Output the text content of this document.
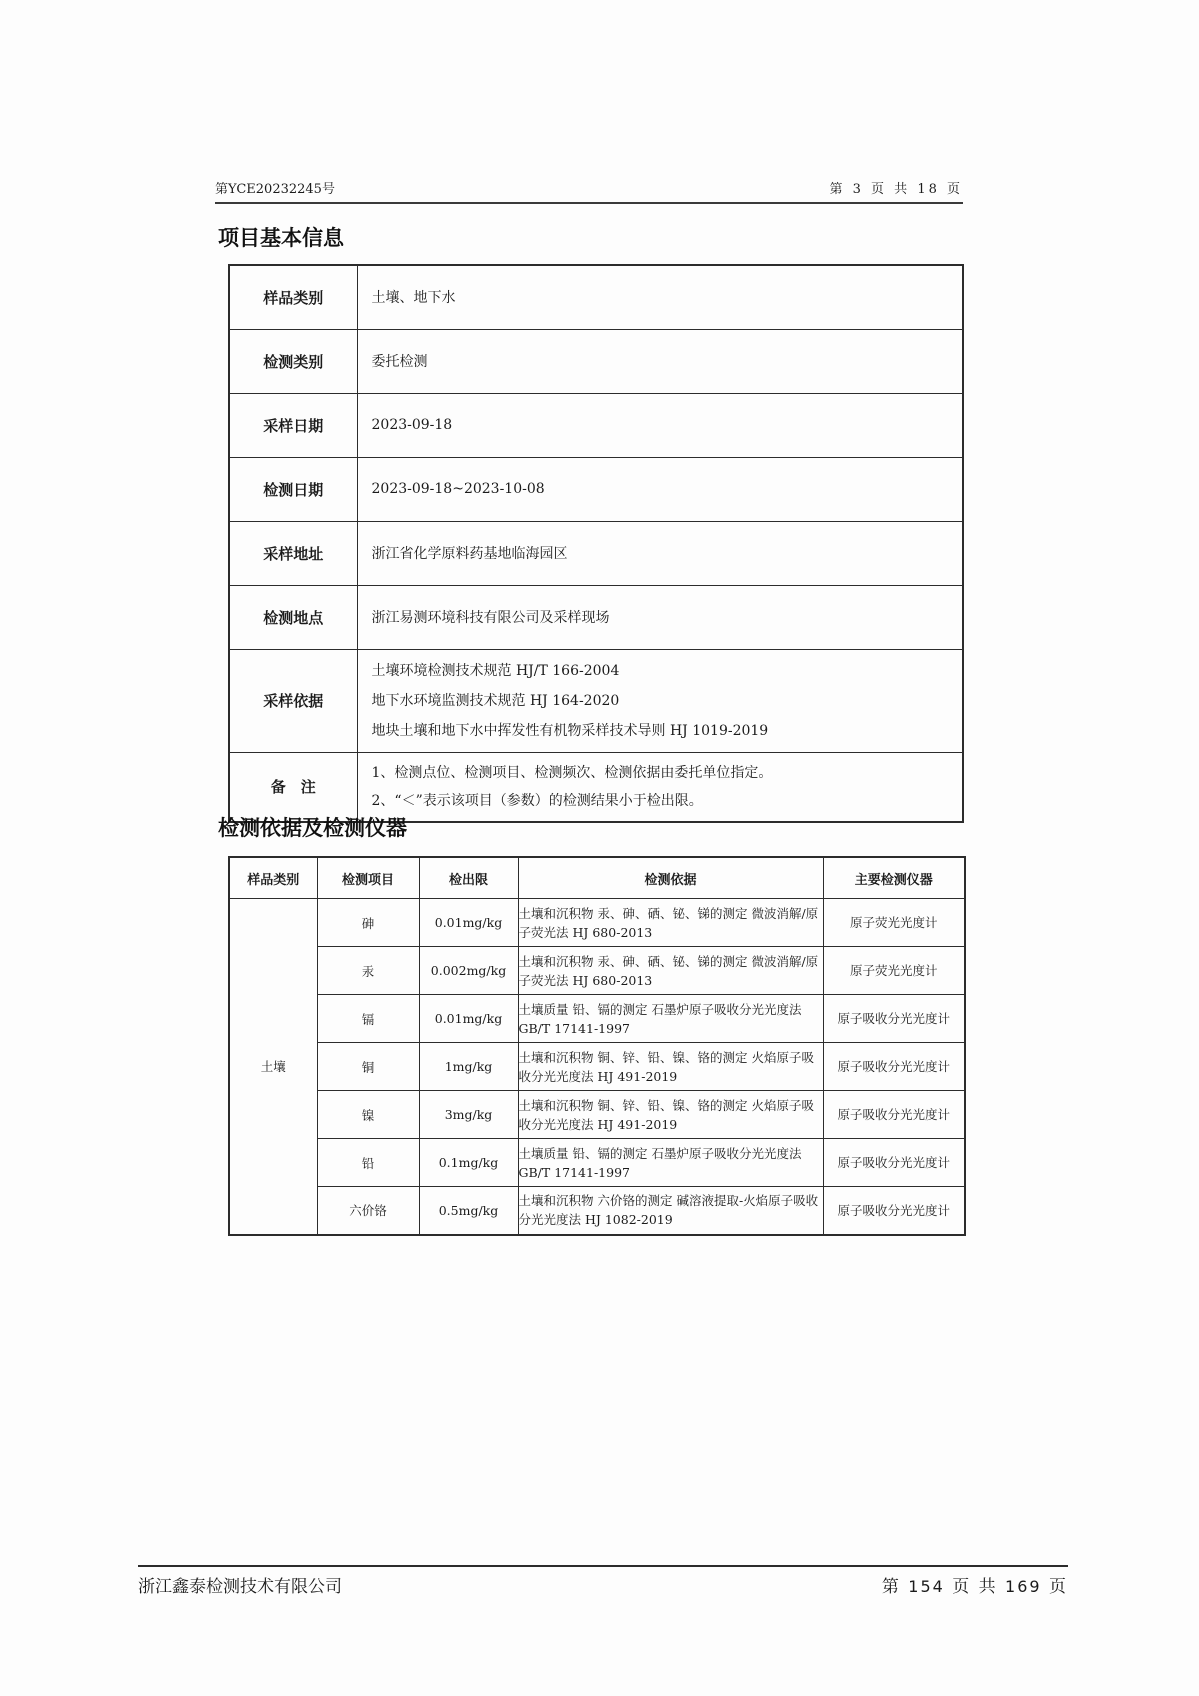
第YCE20232245号	第 3 页 共 18 页
项目基本信息
样品类别	土壤、地下水
检测类别	委托检测
采样日期	2023-09-18
检测日期	2023-09-18~2023-10-08
采样地址	浙江省化学原料药基地临海园区
检测地点	浙江易测环境科技有限公司及采样现场
采样依据	土壤环境检测技术规范 HJ/T 166-2004
地下水环境监测技术规范 HJ 164-2020
地块土壤和地下水中挥发性有机物采样技术导则 HJ 1019-2019

备　注	1、检测点位、检测项目、检测频次、检测依据由委托单位指定。
2、“＜”表示该项目（参数）的检测结果小于检出限。
检测依据及检测仪器
样品类别	检测项目	检出限	检测依据	主要检测仪器
土壤	砷	0.01mg/kg	土壤和沉积物 汞、砷、硒、铋、锑的测定 微波消解/原子荧光法 HJ 680-2013	原子荧光光度计
	汞	0.002mg/kg	土壤和沉积物 汞、砷、硒、铋、锑的测定 微波消解/原子荧光法 HJ 680-2013	原子荧光光度计
	镉	0.01mg/kg	土壤质量 铅、镉的测定 石墨炉原子吸收分光光度法 GB/T 17141-1997	原子吸收分光光度计
	铜	1mg/kg	土壤和沉积物 铜、锌、铅、镍、铬的测定 火焰原子吸收分光光度法 HJ 491-2019	原子吸收分光光度计
	镍	3mg/kg	土壤和沉积物 铜、锌、铅、镍、铬的测定 火焰原子吸收分光光度法 HJ 491-2019	原子吸收分光光度计
	铅	0.1mg/kg	土壤质量 铅、镉的测定 石墨炉原子吸收分光光度法 GB/T 17141-1997	原子吸收分光光度计
	六价铬	0.5mg/kg	土壤和沉积物 六价铬的测定 碱溶液提取-火焰原子吸收分光光度法 HJ 1082-2019	原子吸收分光光度计
浙江鑫泰检测技术有限公司	第 154 页 共 169 页
